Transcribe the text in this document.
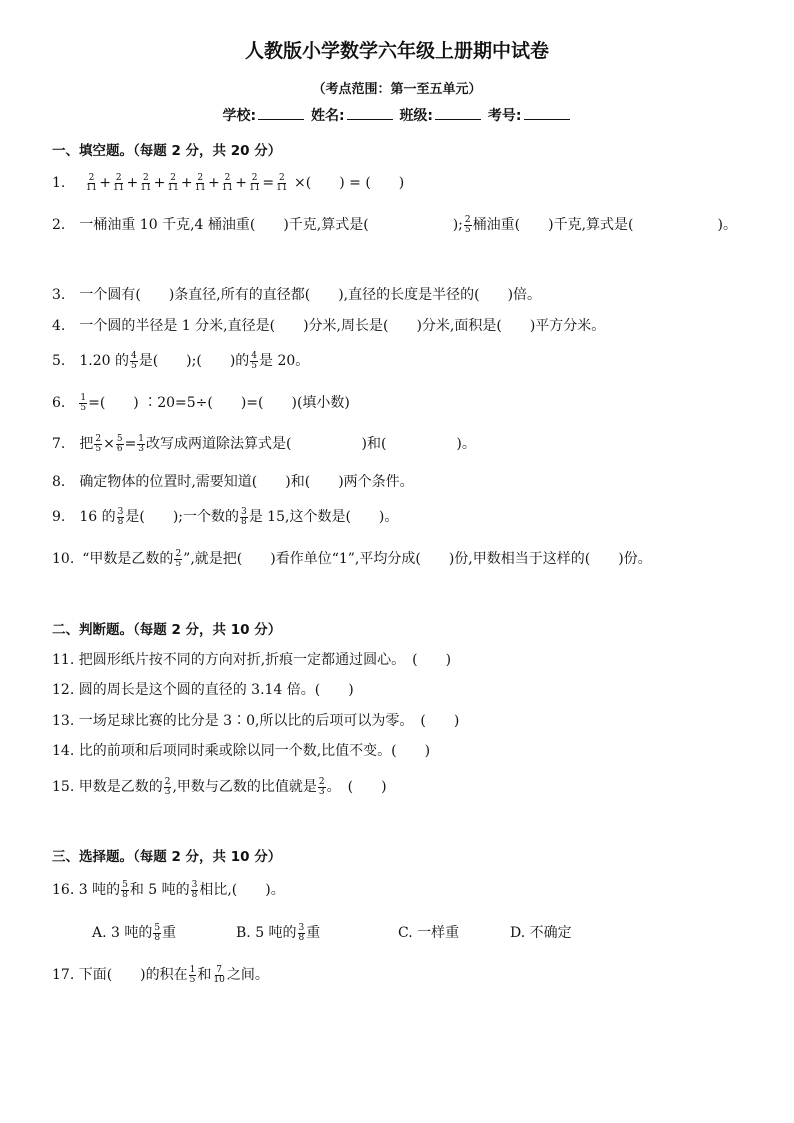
人教版小学数学六年级上册期中试卷
（考点范围：第一至五单元）
学校:	姓名:	班级:	考号:
一、填空题。（每题 2 分，共 20 分）
1. $\frac{2}{11} + \frac{2}{11} + \frac{2}{11} + \frac{2}{11} + \frac{2}{11} + \frac{2}{11} + \frac{2}{11} = \frac{2}{11}$ ×(　　) = (　　)
2. 一桶油重 10 千克,4 桶油重(　　)千克,算式是(　　　　　　); $\frac{2}{5}$ 桶油重(　　)千克,算式是(　　　　　　)。
3.　一个圆有(　　)条直径,所有的直径都(　　),直径的长度是半径的(　　)倍。
4.　一个圆的半径是 1 分米,直径是(　　)分米,周长是(　　)分米,面积是(　　)平方分米。
5. 1.20 的 $\frac{4}{5}$ 是(　　);(　　)的 $\frac{4}{5}$ 是 20。
6. $\frac{1}{5}$ =(　　) ∶20=5÷(　　)=(　　)(填小数)
7. 把 $\frac{2}{5} \times \frac{5}{6} = \frac{1}{3}$ 改写成两道除法算式是(　　　　　)和(　　　　　)。
8.　确定物体的位置时,需要知道(　　)和(　　)两个条件。
9. 16 的 $\frac{3}{8}$ 是(　　);一个数的 $\frac{3}{8}$ 是 15,这个数是(　　)。
10. “甲数是乙数的 $\frac{2}{5}$ ”,就是把(　　)看作单位“1”,平均分成(　　)份,甲数相当于这样的(　　)份。
二、判断题。（每题 2 分，共 10 分）
11. 把圆形纸片按不同的方向对折,折痕一定都通过圆心。　(　　)
12. 圆的周长是这个圆的直径的 3.14 倍。(　　)
13. 一场足球比赛的比分是 3∶0,所以比的后项可以为零。　(　　)
14. 比的前项和后项同时乘或除以同一个数,比值不变。(　　)
15. 甲数是乙数的 $\frac{2}{3}$ ,甲数与乙数的比值就是 $\frac{2}{3}$ 。　(　　)
三、选择题。（每题 2 分，共 10 分）
16. 3 吨的 $\frac{5}{8}$ 和 5 吨的 $\frac{3}{8}$ 相比,(　　)。
A. 3 吨的 $\frac{5}{8}$ 重	B. 5 吨的 $\frac{3}{8}$ 重	C. 一样重	D. 不确定
17. 下面(　　)的积在 $\frac{1}{5}$ 和 $\frac{7}{10}$ 之间。
